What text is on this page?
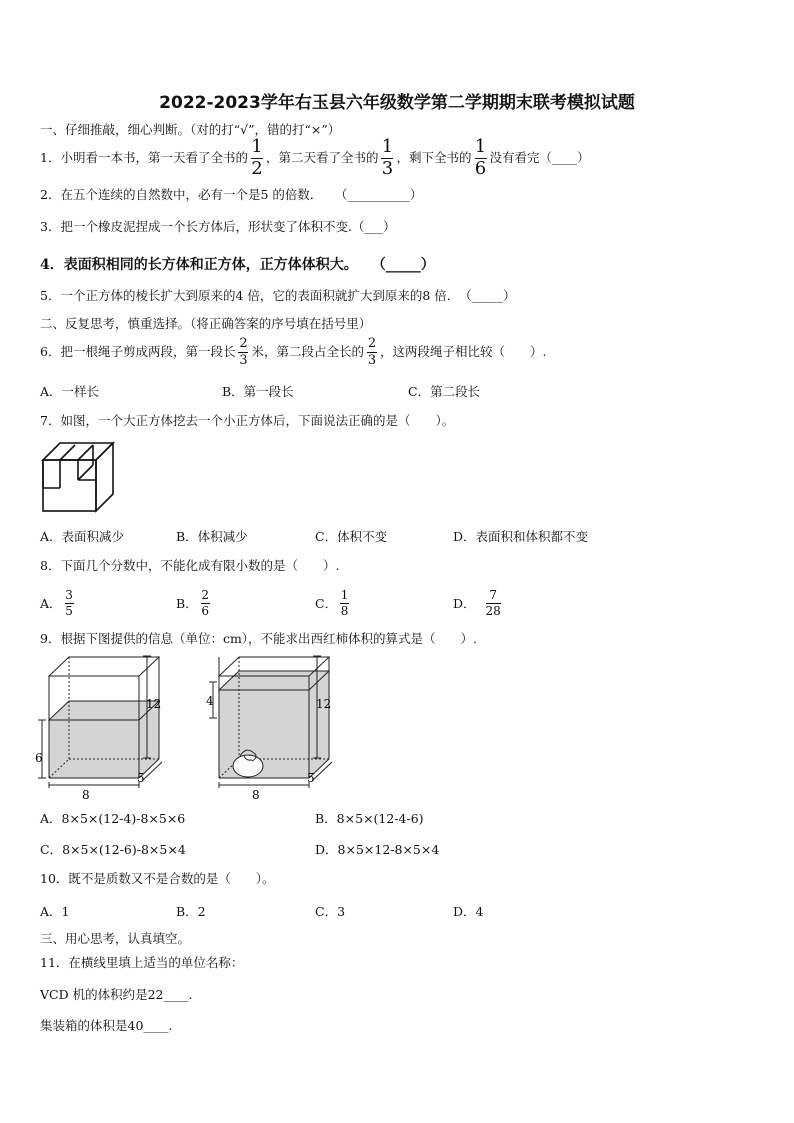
2022-2023学年右玉县六年级数学第二学期期末联考模拟试题
一、仔细推敲，细心判断。（对的打“√”，错的打“×”）
1．小明看一本书，第一天看了全书的 $\frac{1}{2}$ ，第二天看了全书的 $\frac{1}{3}$ ，剩下全书的 $\frac{1}{6}$ 没有看完（____）
2．在五个连续的自然数中，必有一个是5 的倍数．　　（__________）
3．把一个橡皮泥捏成一个长方体后，形状变了体积不变.（___）
4．表面积相同的长方体和正方体，正方体体积大。　　（_____）
5．一个正方体的棱长扩大到原来的4 倍，它的表面积就扩大到原来的8 倍．　（_____）
二、反复思考，慎重选择。（将正确答案的序号填在括号里）
6．把一根绳子剪成两段，第一段长 $\frac{2}{3}$ 米，第二段占全长的 $\frac{2}{3}$ ，这两段绳子相比较（　　）.
A．一样长	B．第一段长	C．第二段长
7．如图，一个大正方体挖去一个小正方体后，下面说法正确的是（　　）。
A．表面积减少	B．体积减少	C．体积不变	D．表面积和体积都不变
8．下面几个分数中，不能化成有限小数的是（　　）.
A． $\frac{3}{5}$	B． $\frac{2}{6}$	C． $\frac{1}{8}$	D． $\frac{7}{28}$
9．根据下图提供的信息（单位：cm），不能求出西红柿体积的算式是（　　）.
12
6
8
5
4	12
8
5
A．8×5×(12-4)-8×5×6	B．8×5×(12-4-6)
C．8×5×(12-6)-8×5×4	D．8×5×12-8×5×4
10．既不是质数又不是合数的是（　　）。
A．1	B．2	C．3	D．4
三、用心思考，认真填空。
11．在横线里填上适当的单位名称：
VCD 机的体积约是22____.
集装箱的体积是40____.
